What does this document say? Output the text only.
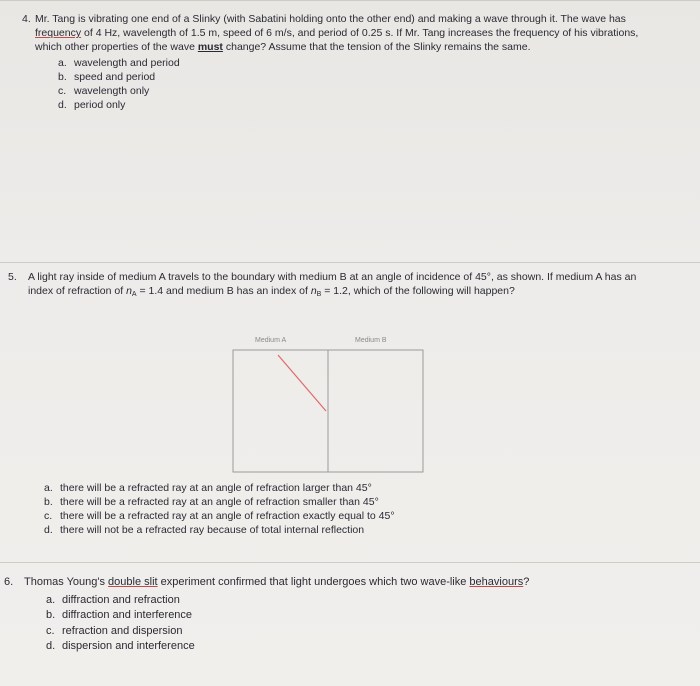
4. Mr. Tang is vibrating one end of a Slinky (with Sabatini holding onto the other end) and making a wave through it. The wave has frequency of 4 Hz, wavelength of 1.5 m, speed of 6 m/s, and period of 0.25 s. If Mr. Tang increases the frequency of his vibrations, which other properties of the wave must change? Assume that the tension of the Slinky remains the same.
a. wavelength and period
b. speed and period
c. wavelength only
d. period only
5. A light ray inside of medium A travels to the boundary with medium B at an angle of incidence of 45°, as shown. If medium A has an index of refraction of $n_A = 1.4$ and medium B has an index of $n_B = 1.2$, which of the following will happen?
Medium A	Medium B
a. there will be a refracted ray at an angle of refraction larger than 45°
b. there will be a refracted ray at an angle of refraction smaller than 45°
c. there will be a refracted ray at an angle of refraction exactly equal to 45°
d. there will not be a refracted ray because of total internal reflection
6. Thomas Young's double slit experiment confirmed that light undergoes which two wave-like behaviours?
a. diffraction and refraction
b. diffraction and interference
c. refraction and dispersion
d. dispersion and interference
